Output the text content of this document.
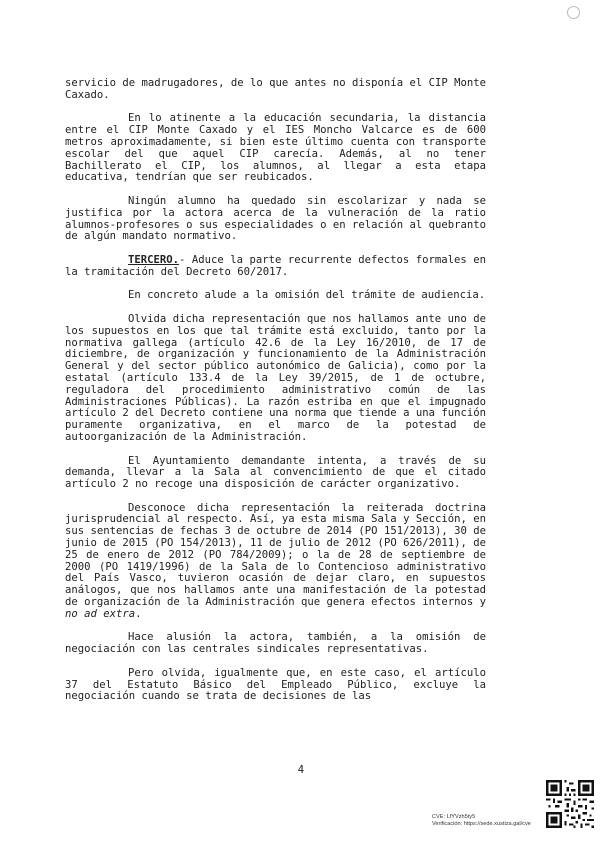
servicio de madrugadores, de lo que antes no disponía el CIP Monte Caxado.

En lo atinente a la educación secundaria, la distancia entre el CIP Monte Caxado y el IES Moncho Valcarce es de 600 metros aproximadamente, si bien este último cuenta con transporte escolar del que aquel CIP carecía. Además, al no tener Bachillerato el CIP, los alumnos, al llegar a esta etapa educativa, tendrían que ser reubicados.

Ningún alumno ha quedado sin escolarizar y nada se justifica por la actora acerca de la vulneración de la ratio alumnos-profesores o sus especialidades o en relación al quebranto de algún mandato normativo.

TERCERO.- Aduce la parte recurrente defectos formales en la tramitación del Decreto 60/2017.

En concreto alude a la omisión del trámite de audiencia.

Olvida dicha representación que nos hallamos ante uno de los supuestos en los que tal trámite está excluido, tanto por la normativa gallega (artículo 42.6 de la Ley 16/2010, de 17 de diciembre, de organización y funcionamiento de la Administración General y del sector público autonómico de Galicia), como por la estatal (artículo 133.4 de la Ley 39/2015, de 1 de octubre, reguladora del procedimiento administrativo común de las Administraciones Públicas). La razón estriba en que el impugnado artículo 2 del Decreto contiene una norma que tiende a una función puramente organizativa, en el marco de la potestad de autoorganización de la Administración.

El Ayuntamiento demandante intenta, a través de su demanda, llevar a la Sala al convencimiento de que el citado artículo 2 no recoge una disposición de carácter organizativo.

Desconoce dicha representación la reiterada doctrina jurisprudencial al respecto. Así, ya esta misma Sala y Sección, en sus sentencias de fechas 3 de octubre de 2014 (PO 151/2013), 30 de junio de 2015 (PO 154/2013), 11 de julio de 2012 (PO 626/2011), de 25 de enero de 2012 (PO 784/2009); o la de 28 de septiembre de 2000 (PO 1419/1996) de la Sala de lo Contencioso administrativo del País Vasco, tuvieron ocasión de dejar claro, en supuestos análogos, que nos hallamos ante una manifestación de la potestad de organización de la Administración que genera efectos internos y no ad extra.

Hace alusión la actora, también, a la omisión de negociación con las centrales sindicales representativas.

Pero olvida, igualmente que, en este caso, el artículo 37 del Estatuto Básico del Empleado Público, excluye la negociación cuando se trata de decisiones de las

4
CVE: LfYVzh5ty5
Verificación: https://sede.xustiza.gal/cve
